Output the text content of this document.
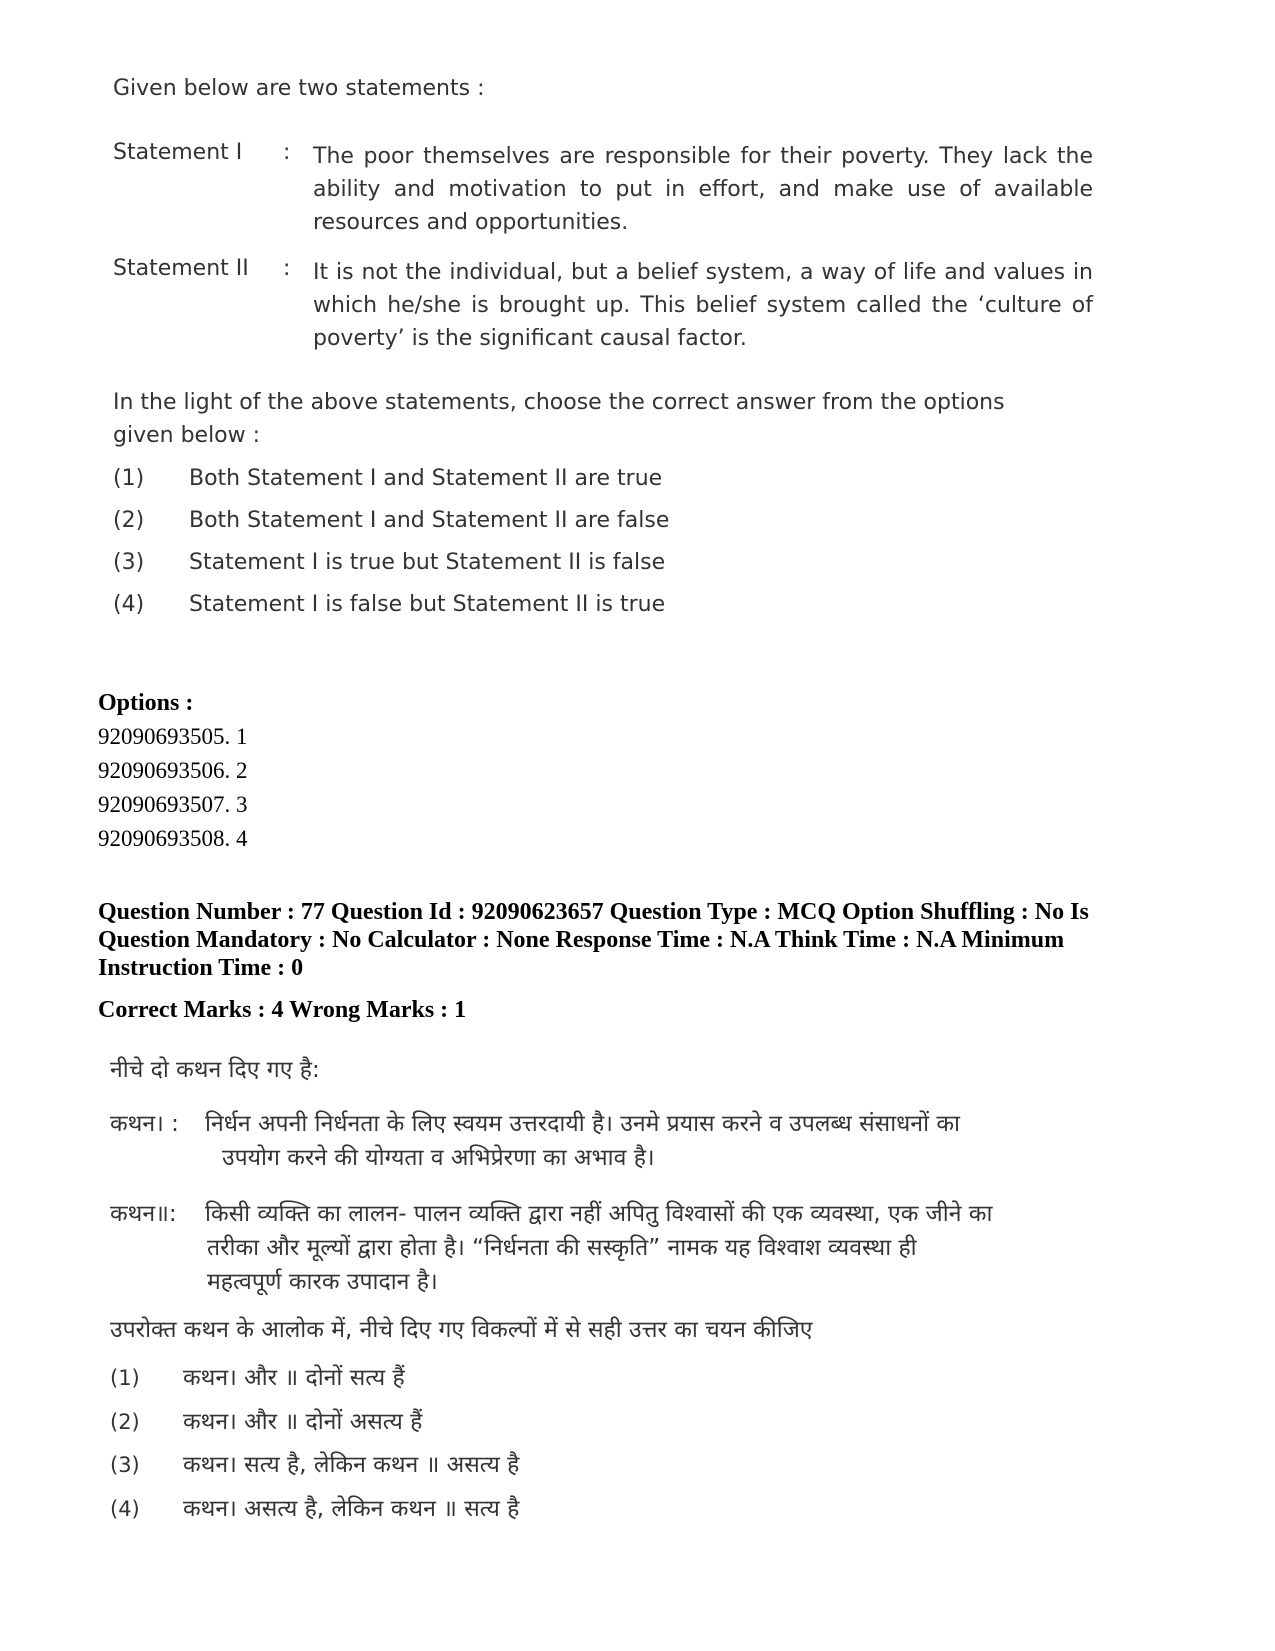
Given below are two statements :
Statement I	: The poor themselves are responsible for their poverty. They lack the ability and motivation to put in effort, and make use of available resources and opportunities.
Statement II	: It is not the individual, but a belief system, a way of life and values in which he/she is brought up. This belief system called the ‘culture of poverty’ is the significant causal factor.
In the light of the above statements, choose the correct answer from the options given below :
(1) Both Statement I and Statement II are true
(2) Both Statement I and Statement II are false
(3) Statement I is true but Statement II is false
(4) Statement I is false but Statement II is true
Options :
92090693505. 1
92090693506. 2
92090693507. 3
92090693508. 4
Question Number : 77 Question Id : 92090623657 Question Type : MCQ Option Shuffling : No Is Question Mandatory : No Calculator : None Response Time : N.A Think Time : N.A Minimum Instruction Time : 0
Correct Marks : 4 Wrong Marks : 1
नीचे दो कथन दिए गए है:
कथन। : निर्धन अपनी निर्धनता के लिए स्वयम उत्तरदायी है। उनमे प्रयास करने व उपलब्ध संसाधनों का
उपयोग करने की योग्यता व अभिप्रेरणा का अभाव है।
कथन॥: किसी व्यक्ति का लालन- पालन व्यक्ति द्वारा नहीं अपितु विश्वासों की एक व्यवस्था, एक जीने का
तरीका और मूल्यों द्वारा होता है। “निर्धनता की सस्कृति” नामक यह विश्वाश व्यवस्था ही
महत्वपूर्ण कारक उपादान है।
उपरोक्त कथन के आलोक में, नीचे दिए गए विकल्पों में से सही उत्तर का चयन कीजिए
(1) कथन। और ॥ दोनों सत्य हैं
(2) कथन। और ॥ दोनों असत्य हैं
(3) कथन। सत्य है, लेकिन कथन ॥ असत्य है
(4) कथन। असत्य है, लेकिन कथन ॥ सत्य है
